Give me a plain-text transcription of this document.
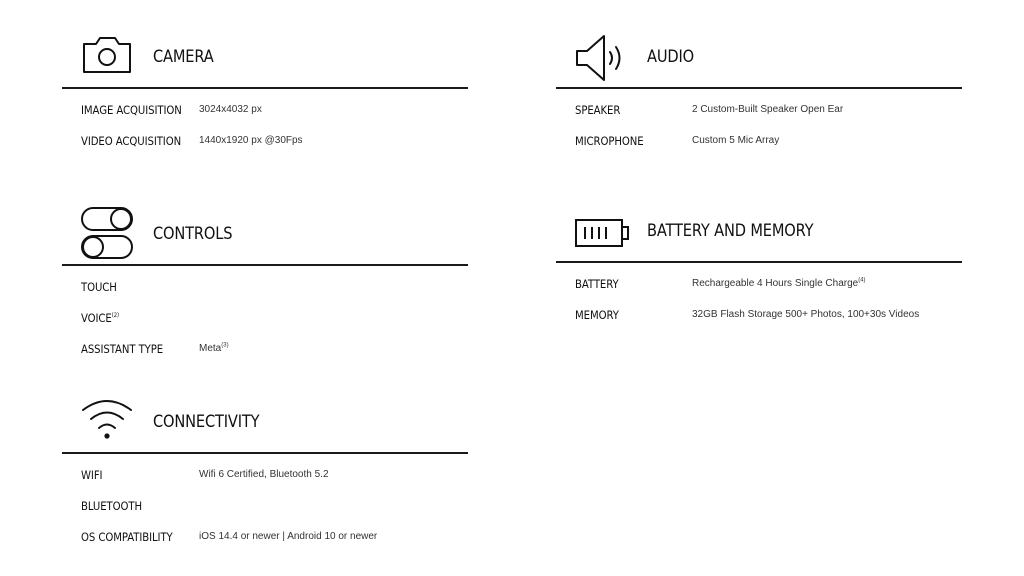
CAMERA
IMAGE ACQUISITION 3024x4032 px
VIDEO ACQUISITION 1440x1920 px @30Fps
CONTROLS
TOUCH
VOICE$^{(2)}$
ASSISTANT TYPE	Meta$^{(3)}$
CONNECTIVITY
WIFI	Wifi 6 Certified, Bluetooth 5.2
BLUETOOTH
OS COMPATIBILITY	iOS 14.4 or newer | Android 10 or newer
AUDIO
SPEAKER	2 Custom-Built Speaker Open Ear
MICROPHONE	Custom 5 Mic Array
BATTERY AND MEMORY
BATTERY	Rechargeable 4 Hours Single Charge$^{(4)}$
MEMORY	32GB Flash Storage 500+ Photos, 100+30s Videos
